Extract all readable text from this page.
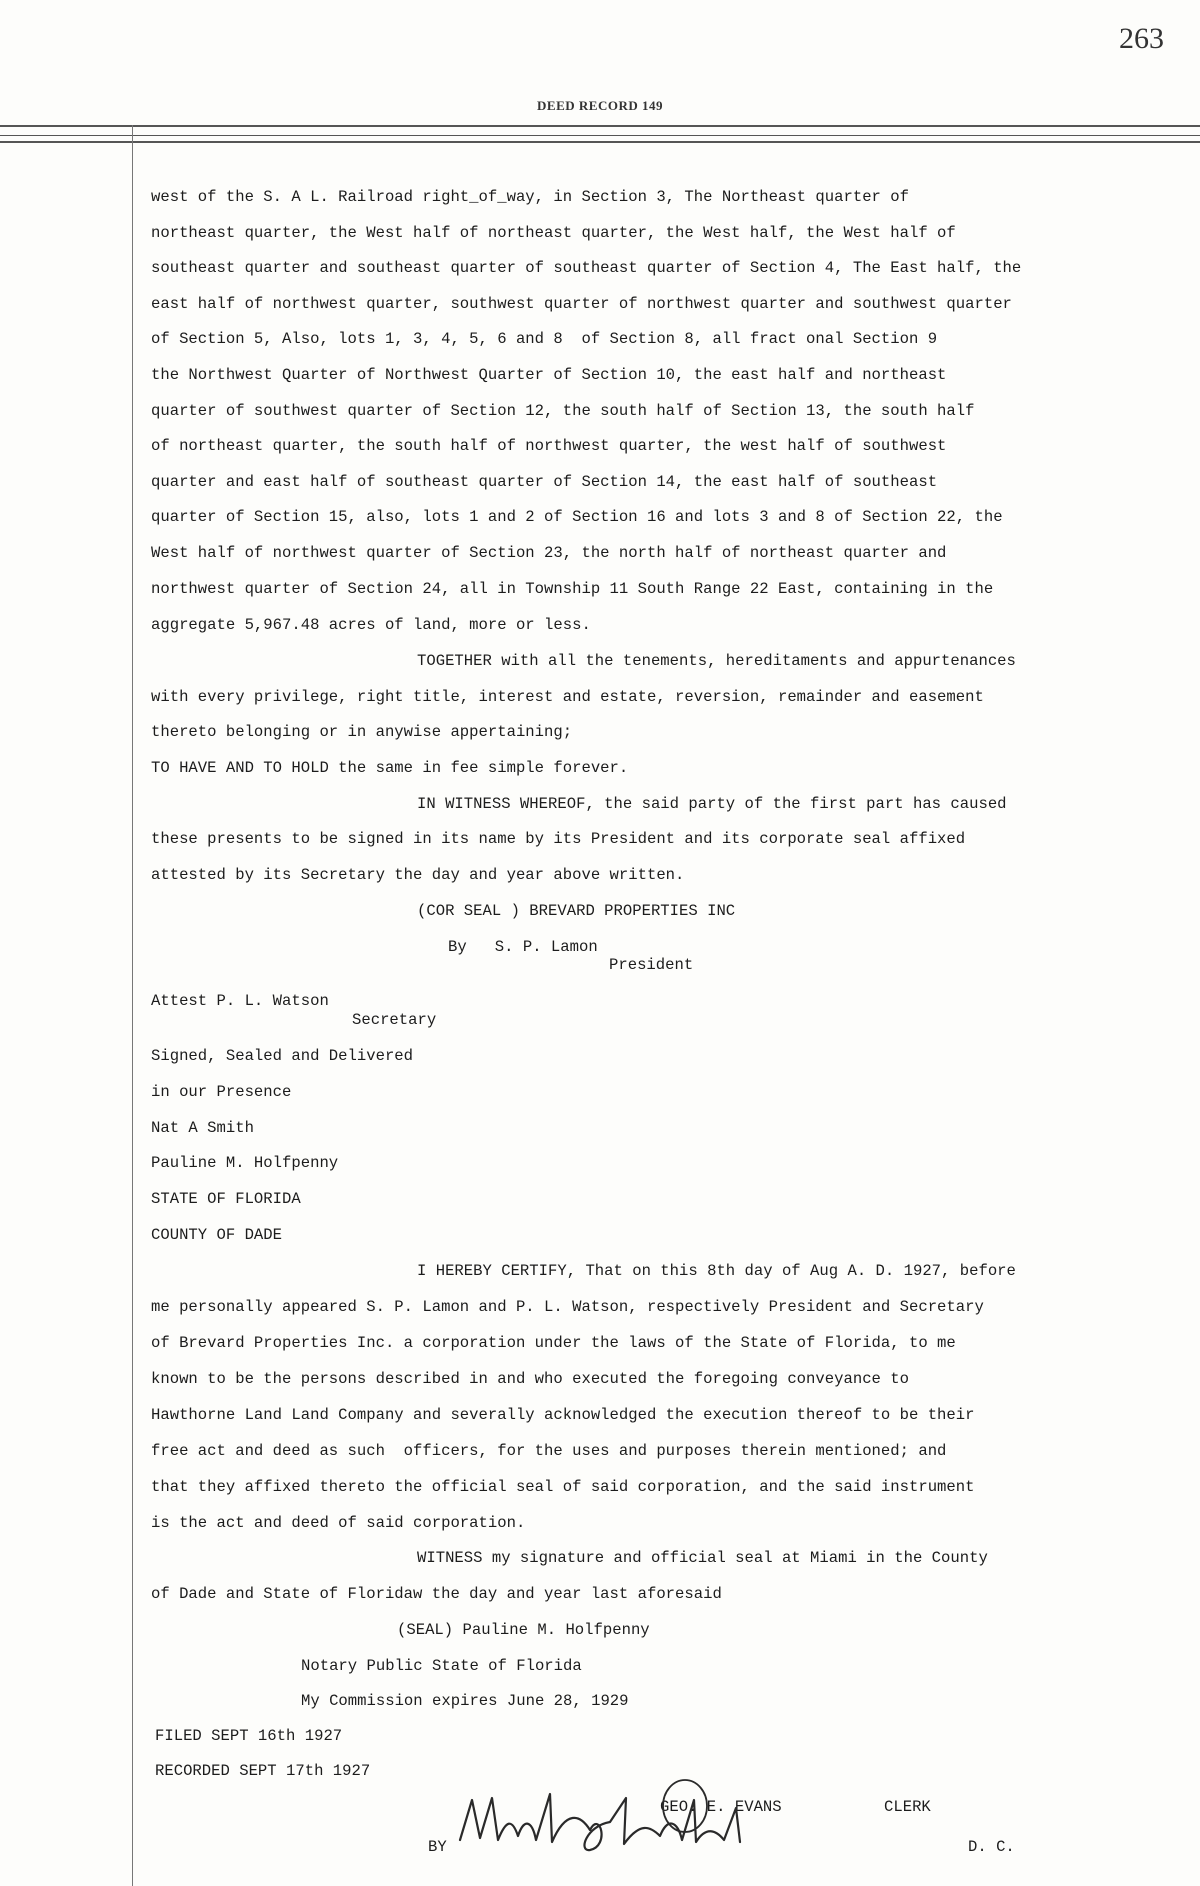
263
DEED RECORD 149
west of the S. A L. Railroad right_of_way, in Section 3, The Northeast quarter of
northeast quarter, the West half of northeast quarter, the West half, the West half of
southeast quarter and southeast quarter of southeast quarter of Section 4, The East half, the
east half of northwest quarter, southwest quarter of northwest quarter and southwest quarter
of Section 5, Also, lots 1, 3, 4, 5, 6 and 8  of Section 8, all fract onal Section 9
the Northwest Quarter of Northwest Quarter of Section 10, the east half and northeast
quarter of southwest quarter of Section 12, the south half of Section 13, the south half
of northeast quarter, the south half of northwest quarter, the west half of southwest
quarter and east half of southeast quarter of Section 14, the east half of southeast
quarter of Section 15, also, lots 1 and 2 of Section 16 and lots 3 and 8 of Section 22, the
West half of northwest quarter of Section 23, the north half of northeast quarter and
northwest quarter of Section 24, all in Township 11 South Range 22 East, containing in the
aggregate 5,967.48 acres of land, more or less.
TOGETHER with all the tenements, hereditaments and appurtenances
with every privilege, right title, interest and estate, reversion, remainder and easement
thereto belonging or in anywise appertaining;
TO HAVE AND TO HOLD the same in fee simple forever.
IN WITNESS WHEREOF, the said party of the first part has caused
these presents to be signed in its name by its President and its corporate seal affixed
attested by its Secretary the day and year above written.
(COR SEAL ) BREVARD PROPERTIES INC
By   S. P. Lamon
President
Attest P. L. Watson
Secretary
Signed, Sealed and Delivered
in our Presence
Nat A Smith
Pauline M. Holfpenny
STATE OF FLORIDA
COUNTY OF DADE
I HEREBY CERTIFY, That on this 8th day of Aug A. D. 1927, before
me personally appeared S. P. Lamon and P. L. Watson, respectively President and Secretary
of Brevard Properties Inc. a corporation under the laws of the State of Florida, to me
known to be the persons described in and who executed the foregoing conveyance to
Hawthorne Land Land Company and severally acknowledged the execution thereof to be their
free act and deed as such  officers, for the uses and purposes therein mentioned; and
that they affixed thereto the official seal of said corporation, and the said instrument
is the act and deed of said corporation.
WITNESS my signature and official seal at Miami in the County
of Dade and State of Floridaw the day and year last aforesaid
(SEAL) Pauline M. Holfpenny
Notary Public State of Florida
My Commission expires June 28, 1929
FILED SEPT 16th 1927
RECORDED SEPT 17th 1927
GEO. E. EVANS	CLERK
BY	D. C.
